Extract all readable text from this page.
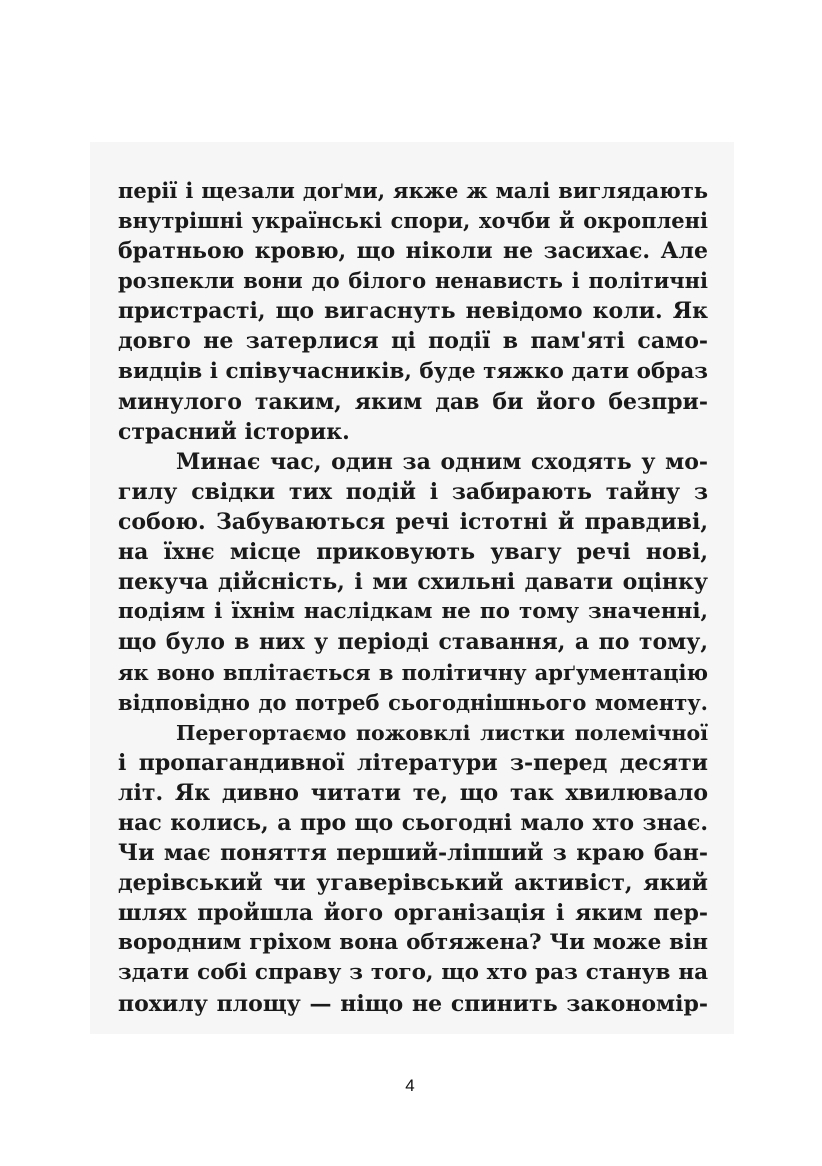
перії і щезали доґми, якже ж малі виглядають
внутрішні українські спори, хочби й окроплені
братньою кровю, що ніколи не засихає. Але
розпекли вони до білого ненависть і політичні
пристрасті, що вигаснуть невідомо коли. Як
довго не затерлися ці події в пам'яті само-
видців і співучасників, буде тяжко дати образ
минулого таким, яким дав би його безпри-
страсний історик.
Минає час, один за одним сходять у мо-
гилу свідки тих подій і забирають тайну з
собою. Забуваються речі істотні й правдиві,
на їхнє місце приковують увагу речі нові,
пекуча дійсність, і ми схильні давати оцінку
подіям і їхнім наслідкам не по тому значенні,
що було в них у періоді ставання, а по тому,
як воно вплітається в політичну арґументацію
відповідно до потреб сьогоднішнього моменту.
Перегортаємо пожовклі листки полемічної
і пропагандивної літератури з-перед десяти
літ. Як дивно читати те, що так хвилювало
нас колись, а про що сьогодні мало хто знає.
Чи має поняття перший-ліпший з краю бан-
дерівський чи угаверівський активіст, який
шлях пройшла його організація і яким пер-
вородним гріхом вона обтяжена? Чи може він
здати собі справу з того, що хто раз станув на
похилу площу — ніщо не спинить закономір-
4
